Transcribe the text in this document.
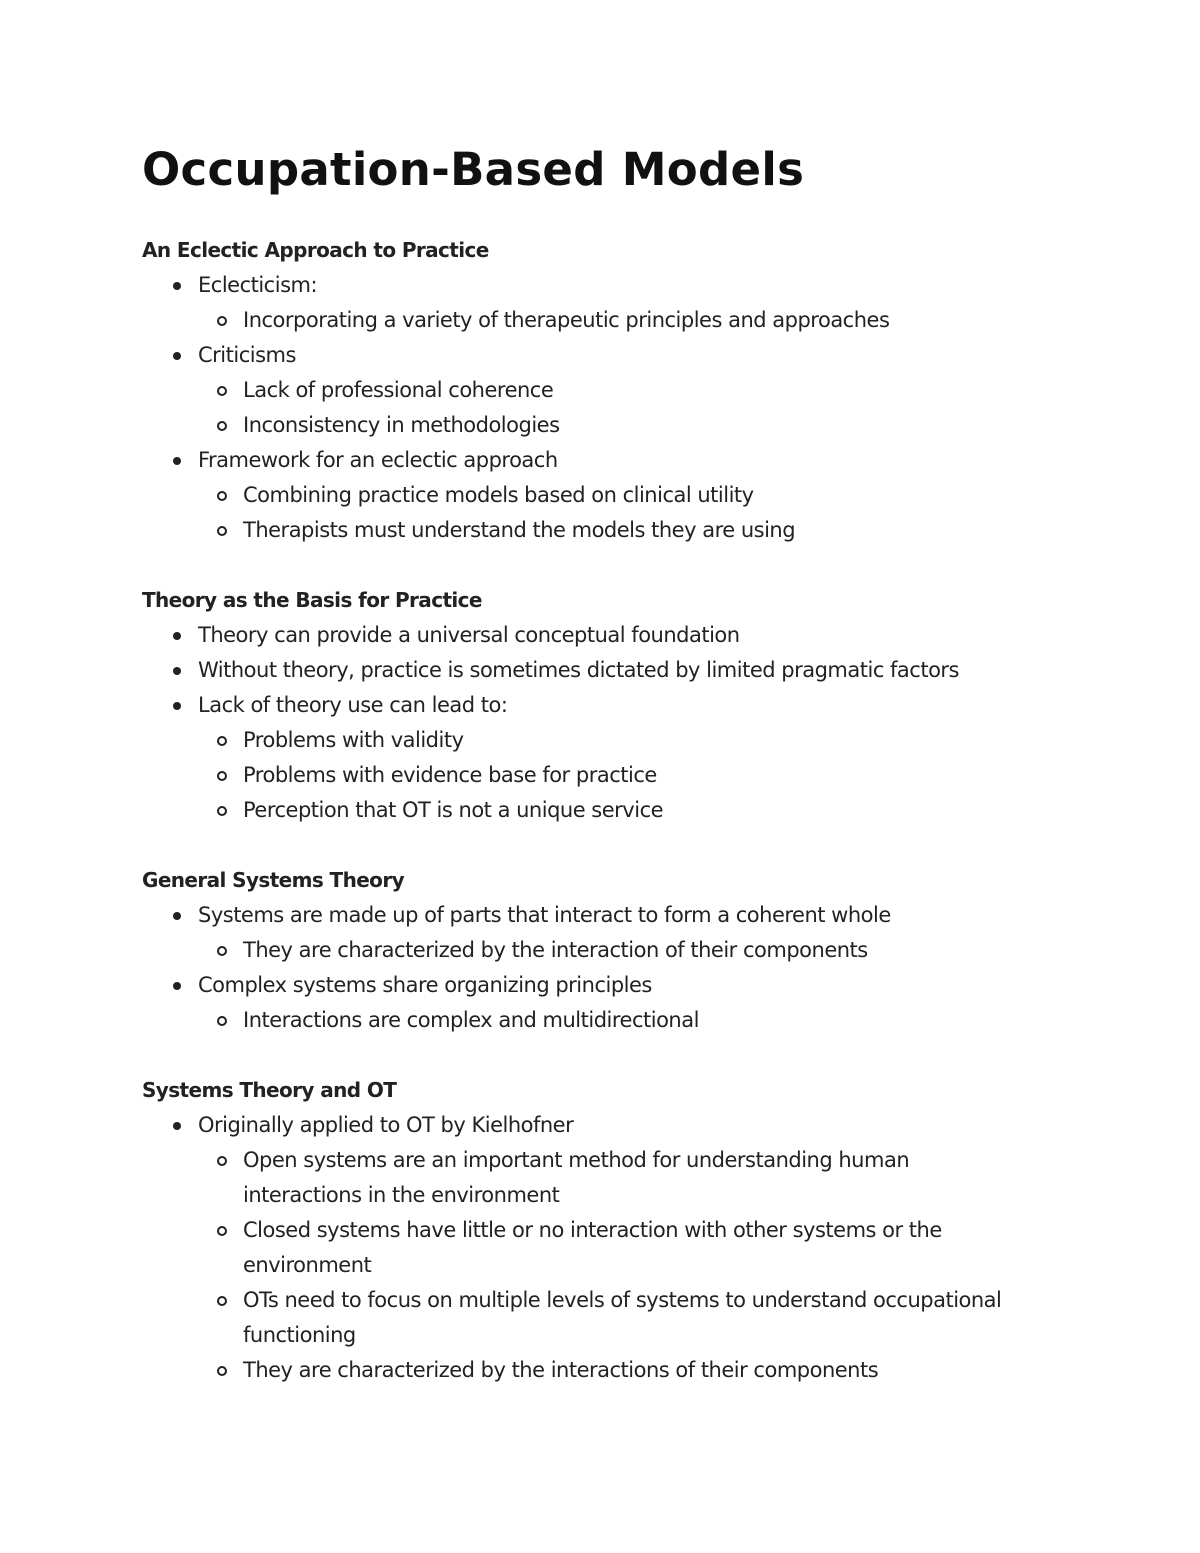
Occupation-Based Models
An Eclectic Approach to Practice
Eclecticism:
Incorporating a variety of therapeutic principles and approaches
Criticisms
Lack of professional coherence
Inconsistency in methodologies
Framework for an eclectic approach
Combining practice models based on clinical utility
Therapists must understand the models they are using
Theory as the Basis for Practice
Theory can provide a universal conceptual foundation
Without theory, practice is sometimes dictated by limited pragmatic factors
Lack of theory use can lead to:
Problems with validity
Problems with evidence base for practice
Perception that OT is not a unique service
General Systems Theory
Systems are made up of parts that interact to form a coherent whole
They are characterized by the interaction of their components
Complex systems share organizing principles
Interactions are complex and multidirectional
Systems Theory and OT
Originally applied to OT by Kielhofner
Open systems are an important method for understanding human interactions in the environment
Closed systems have little or no interaction with other systems or the environment
OTs need to focus on multiple levels of systems to understand occupational functioning
They are characterized by the interactions of their components
